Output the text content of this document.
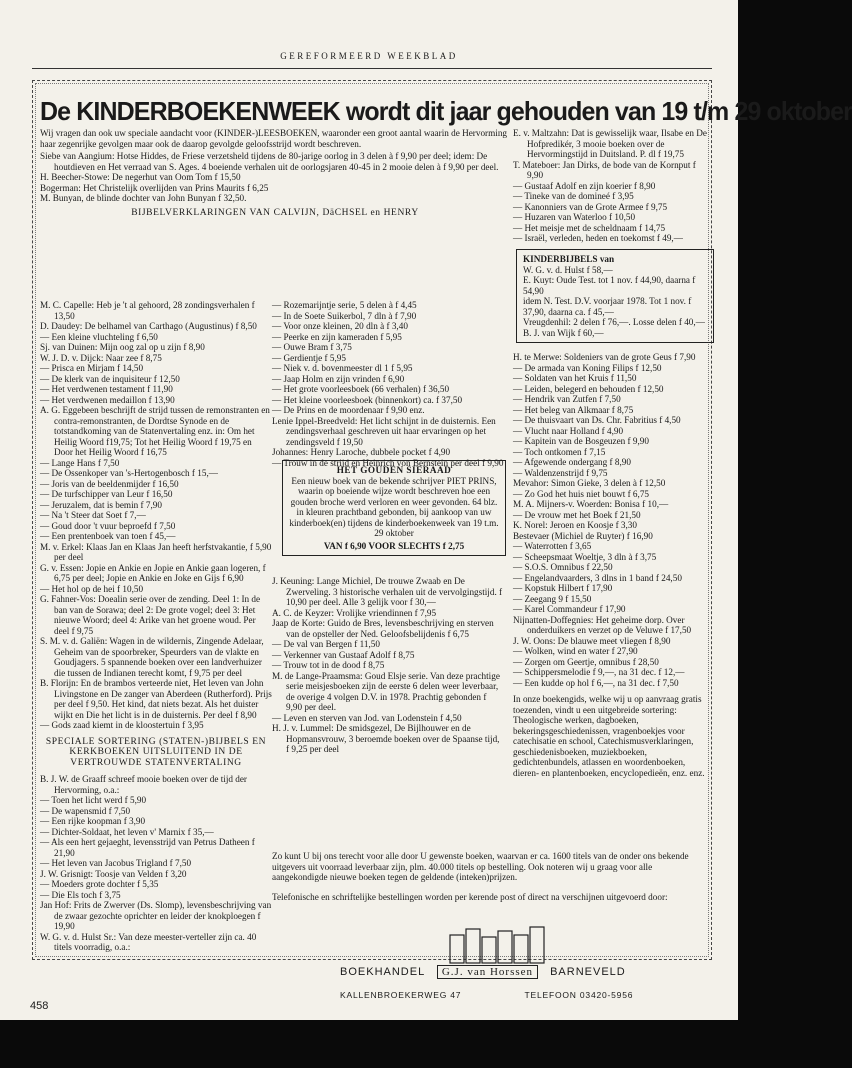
GEREFORMEERD WEEKBLAD
De KINDERBOEKENWEEK wordt dit jaar gehouden van 19 t/m 29 oktober

Wij vragen dan ook uw speciale aandacht voor (KINDER-)LEESBOEKEN, waaronder een groot aantal waarin de Hervorming haar zegenrijke gevolgen maar ook de daarop gevolgde geloofsstrijd wordt beschreven.

Siebe van Aangium: Hotse Hiddes, de Friese verzetsheld tijdens de 80-jarige oorlog in 3 delen à f 9,90 per deel; idem: De houtdieven en Het verraad van S. Ages. 4 boeiende verhalen uit de oorlogsjaren 40-45 in 2 mooie delen à f 9,90 per deel.

H. Beecher-Stowe: De negerhut van Oom Tom f 15,50

Bogerman: Het Christelijk overlijden van Prins Maurits f 6,25

M. Bunyan, de blinde dochter van John Bunyan f 32,50.

BIJBELVERKLARINGEN VAN CALVIJN, DäCHSEL en HENRY

M. C. Capelle: Heb je 't al gehoord, 28 zondingsverhalen f 13,50

D. Daudey: De belhamel van Carthago (Augustinus) f 8,50

— Een kleine vluchteling f 6,50

Sj. van Duinen: Mijn oog zal op u zijn f 8,90

W. J. D. v. Dijck: Naar zee f 8,75

— Prisca en Mirjam f 14,50

— De klerk van de inquisiteur f 12,50

— Het verdwenen testament f 11,90

— Het verdwenen medaillon f 13,90

A. G. Eggebeen beschrijft de strijd tussen de remonstranten en contra-remonstranten, de Dordtse Synode en de totstandkoming van de Statenvertaling enz. in: Om het Heilig Woord f19,75; Tot het Heilig Woord f 19,75 en Door het Heilig Woord f 16,75

— Lange Hans f 7,50

— De Ossenkoper van 's-Hertogenbosch f 15,—

— Joris van de beeldenmijder f 16,50

— De turfschipper van Leur f 16,50

— Jeruzalem, dat is bemin f 7,90

— Na 't Steer dat Soet f 7,—

— Goud door 't vuur beproefd f 7,50

— Een prentenboek van toen f 45,—

M. v. Erkel: Klaas Jan en Klaas Jan heeft herfstvakantie, f 5,90 per deel

G. v. Essen: Jopie en Ankie en Jopie en Ankie gaan logeren, f 6,75 per deel; Jopie en Ankie en Joke en Gijs f 6,90

— Het hol op de hei f 10,50

G. Fahner-Vos: Doealin serie over de zending. Deel 1: In de ban van de Sorawa; deel 2: De grote vogel; deel 3: Het nieuwe Woord; deel 4: Arike van het groene woud. Per deel f 9,75

S. M. v. d. Galiën: Wagen in de wildernis, Zingende Adelaar, Geheim van de spoorbreker, Speurders van de vlakte en Goudjagers. 5 spannende boeken over een landverhuizer die tussen de Indianen terecht komt, f 9,75 per deel

B. Florijn: En de brambos verteerde niet, Het leven van John Livingstone en De zanger van Aberdeen (Rutherford). Prijs per deel f 9,50. Het kind, dat niets bezat. Als het duister wijkt en Die het licht is in de duisternis. Per deel f 8,90

— Gods zaad kiemt in de kloostertuin f 3,95

SPECIALE SORTERING (STATEN-)BIJBELS EN KERKBOEKEN UITSLUITEND IN DE VERTROUWDE STATENVERTALING

B. J. W. de Graaff schreef mooie boeken over de tijd der Hervorming, o.a.:

— Toen het licht werd f 5,90

— De wapensmid f 7,50

— Een rijke koopman f 3,90

— Dichter-Soldaat, het leven v' Marnix f 35,—

— Als een hert gejaeght, levensstrijd van Petrus Datheen f 21,90

— Het leven van Jacobus Trigland f 7,50

J. W. Grisnigt: Toosje van Velden f 3,20

— Moeders grote dochter f 5,35

— Die Els toch f 3,75

Jan Hof: Frits de Zwerver (Ds. Slomp), levensbeschrijving van de zwaar gezochte oprichter en leider der knokploegen f 19,90

W. G. v. d. Hulst Sr.: Van deze meester-verteller zijn ca. 40 titels voorradig, o.a.:

— Rozemarijntje serie, 5 delen à f 4,45

— In de Soete Suikerbol, 7 dln à f 7,90

— Voor onze kleinen, 20 dln à f 3,40

— Peerke en zijn kameraden f 5,95

— Ouwe Bram f 3,75

— Gerdientje f 5,95

— Niek v. d. bovenmeester dl 1 f 5,95

— Jaap Holm en zijn vrinden f 6,90

— Het grote voorleesboek (66 verhalen) f 36,50

— Het kleine voorleesboek (binnenkort) ca. f 37,50

— De Prins en de moordenaar f 9,90 enz.

Lenie Ippel-Breedveld: Het licht schijnt in de duisternis. Een zendingsverhaal geschreven uit haar ervaringen op het zendingsveld f 19,50

Johannes: Henry Laroche, dubbele pocket f 4,90

— Trouw in de strijd en Heinrich von Bernstein per deel f 9,90

HET GOUDEN SIERAAD
Een nieuw boek van de bekende schrijver PIET PRINS, waarin op boeiende wijze wordt beschreven hoe een gouden broche werd verloren en weer gevonden. 64 blz. in kleuren prachtband gebonden, bij aankoop van uw kinderboek(en) tijdens de kinderboekenweek van 19 t.m. 29 oktober
VAN f 6,90 VOOR SLECHTS f 2,75

J. Keuning: Lange Michiel, De trouwe Zwaab en De Zwerveling. 3 historische verhalen uit de vervolgingstijd. f 10,90 per deel. Alle 3 gelijk voor f 30,—

A. C. de Keyzer: Vrolijke vriendinnen f 7,95

Jaap de Korte: Guido de Bres, levensbeschrijving en sterven van de opsteller der Ned. Geloofsbelijdenis f 6,75

— De val van Bergen f 11,50

— Verkenner van Gustaaf Adolf f 8,75

— Trouw tot in de dood f 8,75

M. de Lange-Praamsma: Goud Elsje serie. Van deze prachtige serie meisjesboeken zijn de eerste 6 delen weer leverbaar, de overige 4 volgen D.V. in 1978. Prachtig gebonden f 9,90 per deel.

— Leven en sterven van Jod. van Lodenstein f 4,50

H. J. v. Lummel: De smidsgezel, De Bijlhouwer en de Hopmansvrouw, 3 beroemde boeken over de Spaanse tijd, f 9,25 per deel

E. v. Maltzahn: Dat is gewisselijk waar, Ilsabe en De Hofpredikér, 3 mooie boeken over de Hervormingstijd in Duitsland. P. dl f 19,75

T. Mateboer: Jan Dirks, de bode van de Kornput f 9,90

— Gustaaf Adolf en zijn koerier f 8,90

— Tineke van de domineé f 3,95

— Kanonniers van de Grote Armee f 9,75

— Huzaren van Waterloo f 10,50

— Het meisje met de scheldnaam f 14,75

— Israël, verleden, heden en toekomst f 49,—

KINDERBIJBELS van
W. G. v. d. Hulst f 58,—
E. Kuyt: Oude Test. tot 1 nov. f 44,90, daarna f 54,90
idem N. Test. D.V. voorjaar 1978. Tot 1 nov. f 37,90, daarna ca. f 45,—
Vreugdenhil: 2 delen f 76,—. Losse delen f 40,—
B. J. van Wijk f 60,—

H. te Merwe: Soldeniers van de grote Geus f 7,90

— De armada van Koning Filips f 12,50

— Soldaten van het Kruis f 11,50

— Leiden, belegerd en behouden f 12,50

— Hendrik van Zutfen f 7,50

— Het beleg van Alkmaar f 8,75

— De thuisvaart van Ds. Chr. Fabritius f 4,50

— Vlucht naar Holland f 4,90

— Kapitein van de Bosgeuzen f 9,90

— Toch ontkomen f 7,15

— Afgewende ondergang f 8,90

— Waldenzenstrijd f 9,75

Mevahor: Simon Gieke, 3 delen à f 12,50

— Zo God het huis niet bouwt f 6,75

M. A. Mijners-v. Woerden: Bonisa f 10,—

— De vrouw met het Boek f 21,50

K. Norel: Jeroen en Koosje f 3,30

Bestevaer (Michiel de Ruyter) f 16,90

— Waterrotten f 3,65

— Scheepsmaat Woeltje, 3 dln à f 3,75

— S.O.S. Omnibus f 22,50

— Engelandvaarders, 3 dlns in 1 band f 24,50

— Kopstuk Hilbert f 17,90

— Zeegang 9 f 15,50

— Karel Commandeur f 17,90

Nijnatten-Doffegnies: Het geheime dorp. Over onderduikers en verzet op de Veluwe f 17,50

J. W. Oons: De blauwe meet vliegen f 8,90

— Wolken, wind en water f 27,90

— Zorgen om Geertje, omnibus f 28,50

— Schippersmelodie f 9,—, na 31 dec. f 12,—

— Een kudde op hol f 6,—, na 31 dec. f 7,50

In onze boekengids, welke wij u op aanvraag gratis toezenden, vindt u een uitgebreide sortering: Theologische werken, dagboeken, bekeringsgeschiedenissen, vragenboekjes voor catechisatie en school, Catechismusverklaringen, geschiedenisboeken, muziekboeken, gedichtenbundels, atlassen en woordenboeken, dieren- en plantenboeken, encyclopedieën, enz. enz.

Zo kunt U bij ons terecht voor alle door U gewenste boeken, waarvan er ca. 1600 titels van de onder ons bekende uitgevers uit voorraad leverbaar zijn, plm. 40.000 titels op bestelling. Ook noteren wij u graag voor alle aangekondigde nieuwe boeken tegen de geldende (inteken)prijzen.

Telefonische en schriftelijke bestellingen worden per kerende post of direct na verschijnen uitgevoerd door:

BOEKHANDEL G.J. van Horssen BARNEVELD
KALLENBROEKERWEG 47	TELEFOON 03420-5956
458
